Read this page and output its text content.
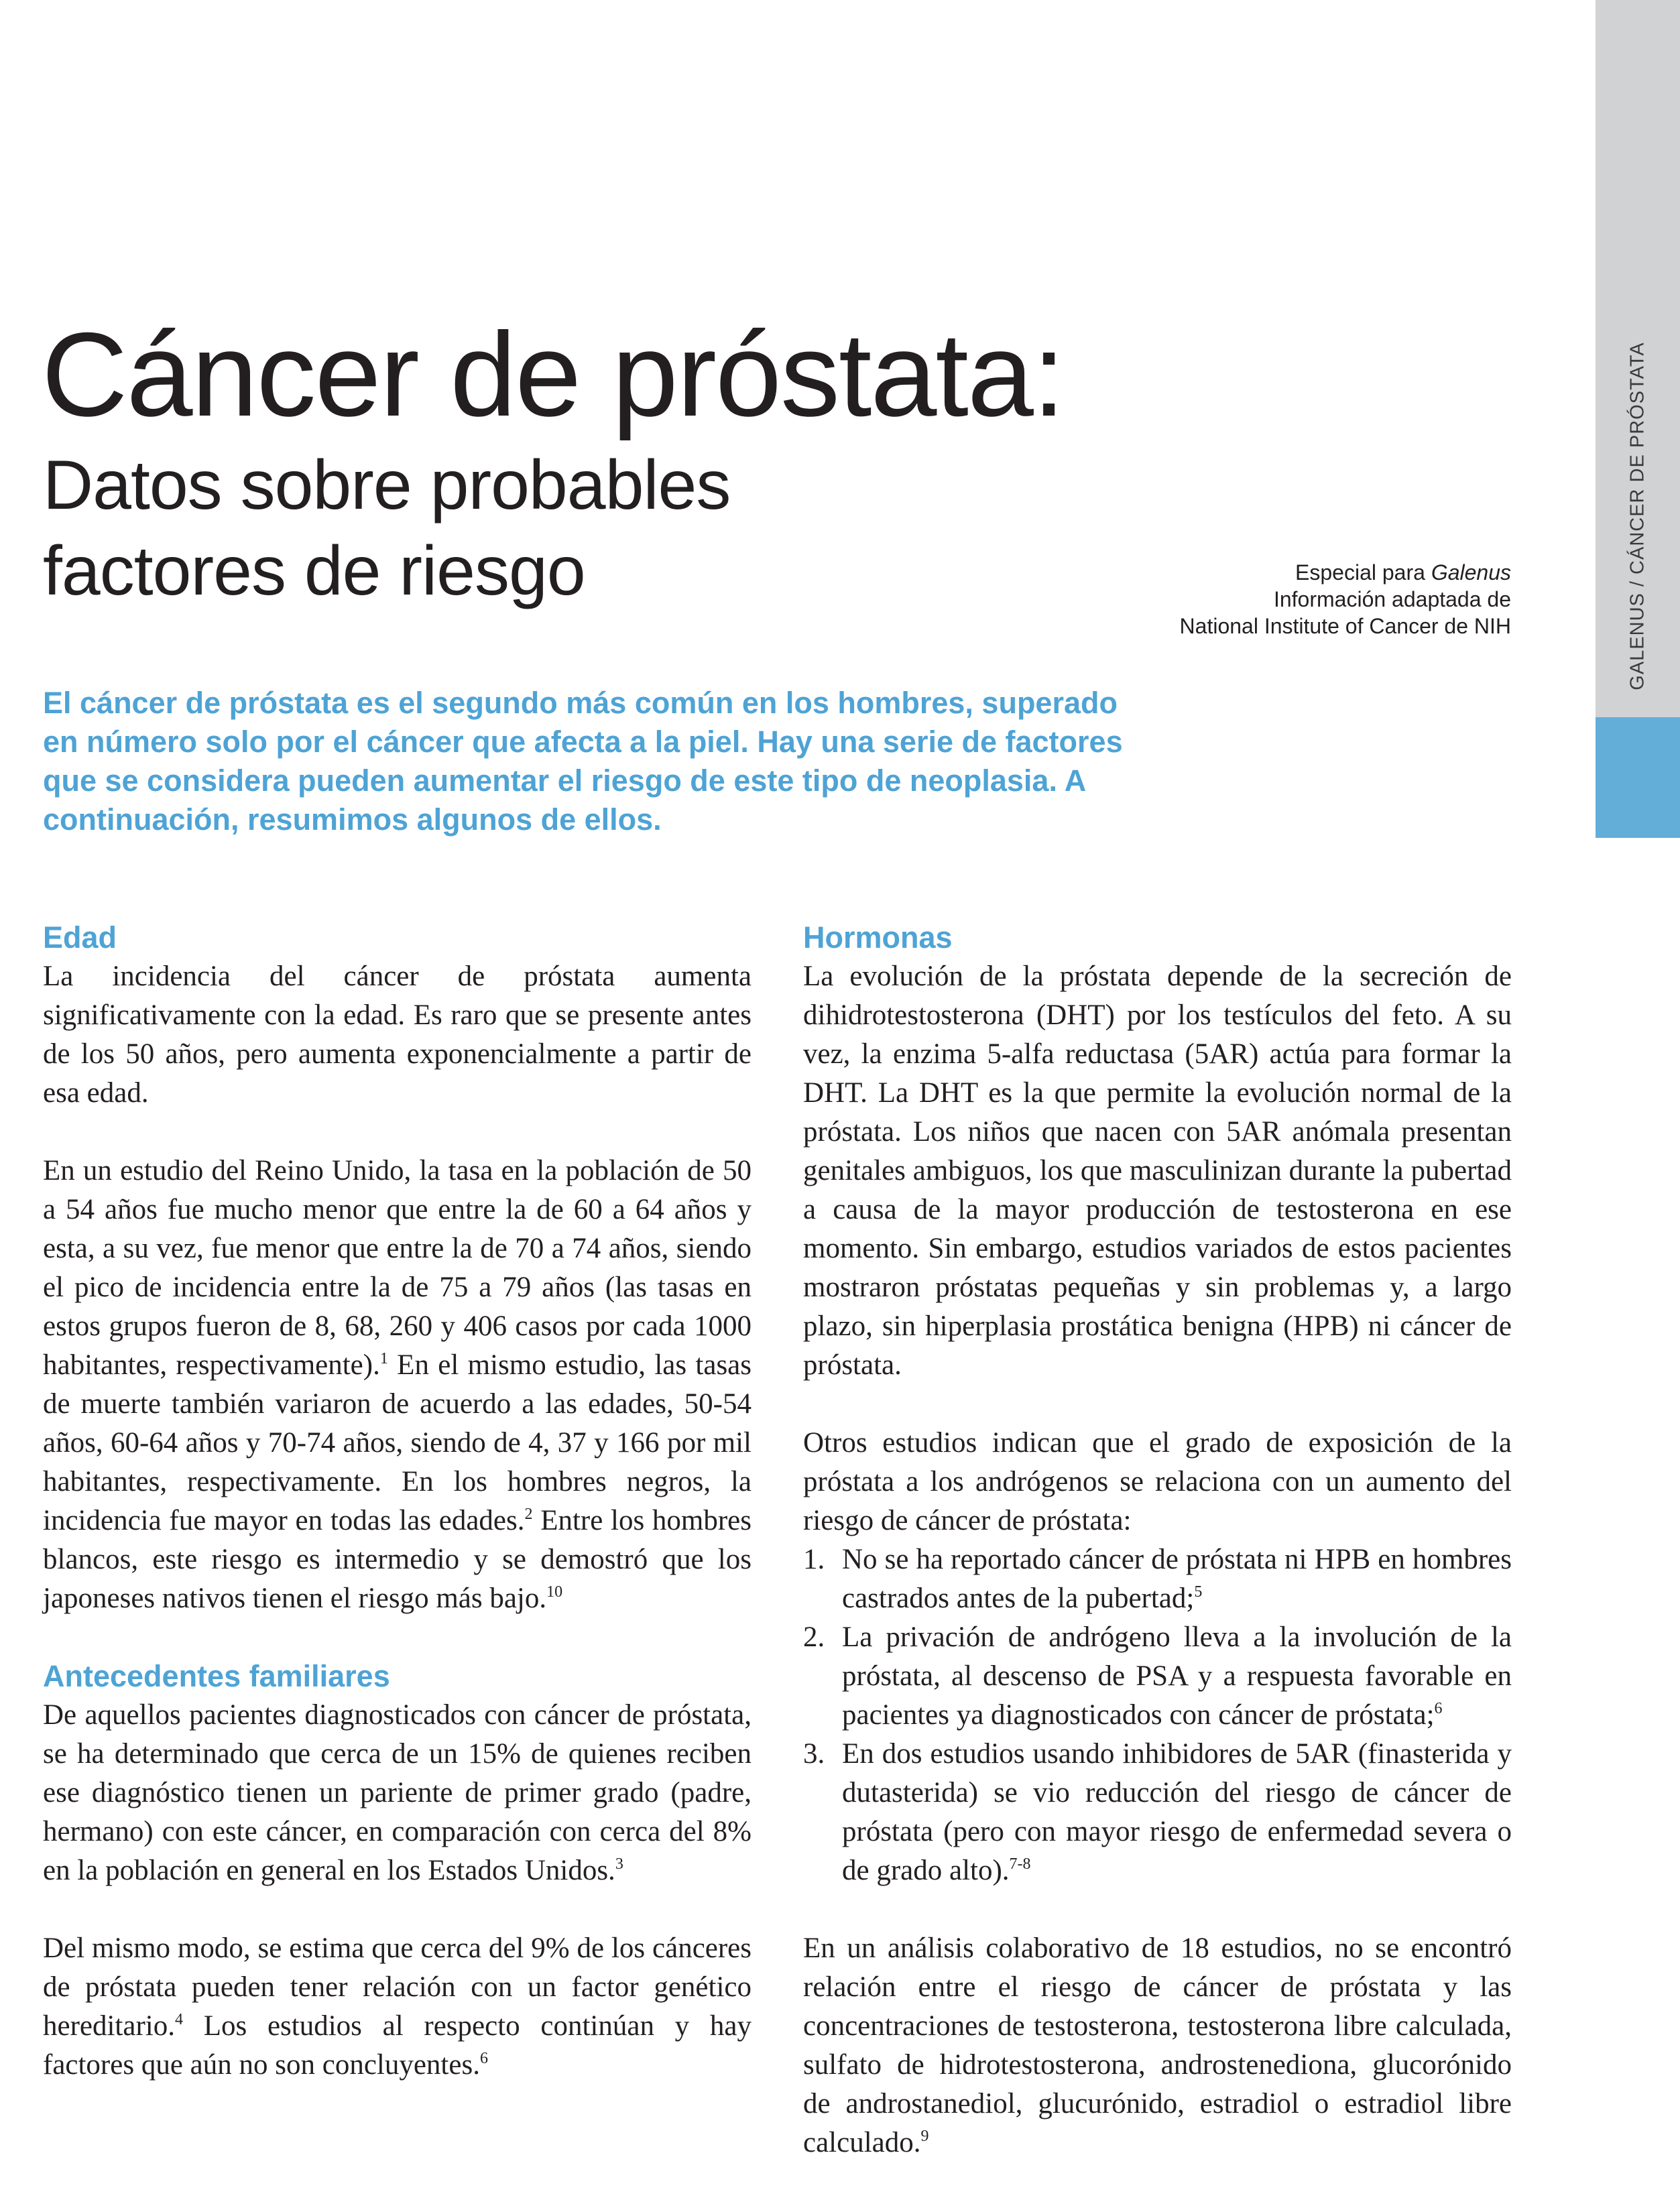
GALENUS / CÁNCER DE PRÓSTATA
27
Cáncer de próstata:
Datos sobre probables
factores de riesgo	Especial para Galenus
Información adaptada de
National Institute of Cancer de NIH

El cáncer de próstata es el segundo más común en los hombres, superado en número solo por el cáncer que afecta a la piel. Hay una serie de factores que se considera pueden aumentar el riesgo de este tipo de neoplasia. A continuación, resumimos algunos de ellos.

Edad

La incidencia del cáncer de próstata aumenta significativamente con la edad. Es raro que se presente antes de los 50 años, pero aumenta exponencialmente a partir de esa edad.

En un estudio del Reino Unido, la tasa en la población de 50 a 54 años fue mucho menor que entre la de 60 a 64 años y esta, a su vez, fue menor que entre la de 70 a 74 años, siendo el pico de incidencia entre la de 75 a 79 años (las tasas en estos grupos fueron de 8, 68, 260 y 406 casos por cada 1000 habitantes, respectivamente).$^1$ En el mismo estudio, las tasas de muerte también variaron de acuerdo a las edades, 50-54 años, 60-64 años y 70-74 años, siendo de 4, 37 y 166 por mil habitantes, respectivamente. En los hombres negros, la incidencia fue mayor en todas las edades.$^2$ Entre los hombres blancos, este riesgo es intermedio y se demostró que los japoneses nativos tienen el riesgo más bajo.$^{10}$

Antecedentes familiares

De aquellos pacientes diagnosticados con cáncer de próstata, se ha determinado que cerca de un 15% de quienes reciben ese diagnóstico tienen un pariente de primer grado (padre, hermano) con este cáncer, en comparación con cerca del 8% en la población en general en los Estados Unidos.$^3$

Del mismo modo, se estima que cerca del 9% de los cánceres de próstata pueden tener relación con un factor genético hereditario.$^4$ Los estudios al respecto continúan y hay factores que aún no son concluyentes.$^6$

Hormonas

La evolución de la próstata depende de la secreción de dihidrotestosterona (DHT) por los testículos del feto. A su vez, la enzima 5-alfa reductasa (5AR) actúa para formar la DHT. La DHT es la que permite la evolución normal de la próstata. Los niños que nacen con 5AR anómala presentan genitales ambiguos, los que masculinizan durante la pubertad a causa de la mayor producción de testosterona en ese momento. Sin embargo, estudios variados de estos pacientes mostraron próstatas pequeñas y sin problemas y, a largo plazo, sin hiperplasia prostática benigna (HPB) ni cáncer de próstata.

Otros estudios indican que el grado de exposición de la próstata a los andrógenos se relaciona con un aumento del riesgo de cáncer de próstata:

1. No se ha reportado cáncer de próstata ni HPB en hombres castrados antes de la pubertad;$^5$
2. La privación de andrógeno lleva a la involución de la próstata, al descenso de PSA y a respuesta favorable en pacientes ya diagnosticados con cáncer de próstata;$^6$
3. En dos estudios usando inhibidores de 5AR (finasterida y dutasterida) se vio reducción del riesgo de cáncer de próstata (pero con mayor riesgo de enfermedad severa o de grado alto).$^{7-8}$

En un análisis colaborativo de 18 estudios, no se encontró relación entre el riesgo de cáncer de próstata y las concentraciones de testosterona, testosterona libre calculada, sulfato de hidrotestosterona, androstenediona, glucorónido de androstanediol, glucurónido, estradiol o estradiol libre calculado.$^9$
